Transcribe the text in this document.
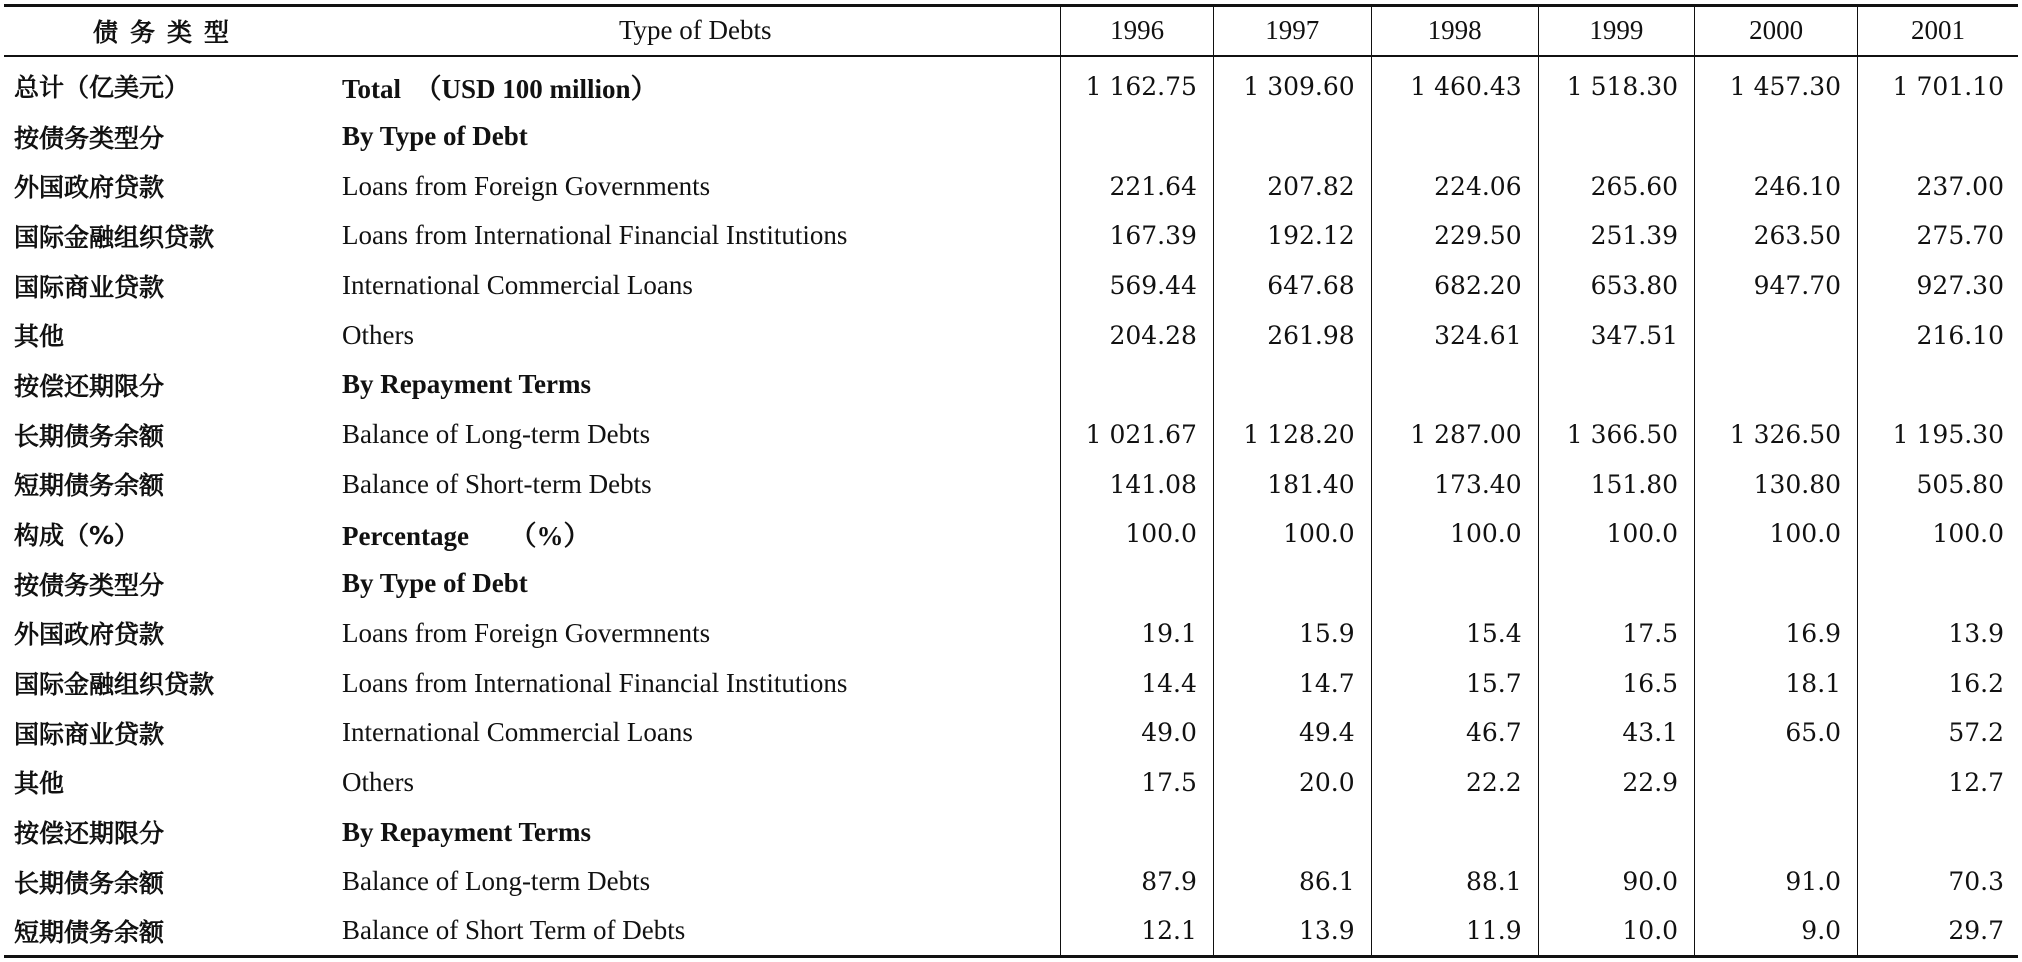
债务类型	Type of Debts	1996	1997	1998	1999	2000	2001
总计（亿美元）	Total　（USD 100 million）	1 162.75	1 309.60	1 460.43	1 518.30	1 457.30	1 701.10
按债务类型分	By Type of Debt						
外国政府贷款	Loans from Foreign Governments	221.64	207.82	224.06	265.60	246.10	237.00
国际金融组织贷款	Loans from International Financial Institutions	167.39	192.12	229.50	251.39	263.50	275.70
国际商业贷款	International Commercial Loans	569.44	647.68	682.20	653.80	947.70	927.30
其他	Others	204.28	261.98	324.61	347.51		216.10
按偿还期限分	By Repayment Terms						
长期债务余额	Balance of Long-term Debts	1 021.67	1 128.20	1 287.00	1 366.50	1 326.50	1 195.30
短期债务余额	Balance of Short-term Debts	141.08	181.40	173.40	151.80	130.80	505.80
构成（%）	Percentage　　（%）	100.0	100.0	100.0	100.0	100.0	100.0
按债务类型分	By Type of Debt						
外国政府贷款	Loans from Foreign Govermnents	19.1	15.9	15.4	17.5	16.9	13.9
国际金融组织贷款	Loans from International Financial Institutions	14.4	14.7	15.7	16.5	18.1	16.2
国际商业贷款	International Commercial Loans	49.0	49.4	46.7	43.1	65.0	57.2
其他	Others	17.5	20.0	22.2	22.9		12.7
按偿还期限分	By Repayment Terms						
长期债务余额	Balance of Long-term Debts	87.9	86.1	88.1	90.0	91.0	70.3
短期债务余额	Balance of Short Term of Debts	12.1	13.9	11.9	10.0	9.0	29.7
